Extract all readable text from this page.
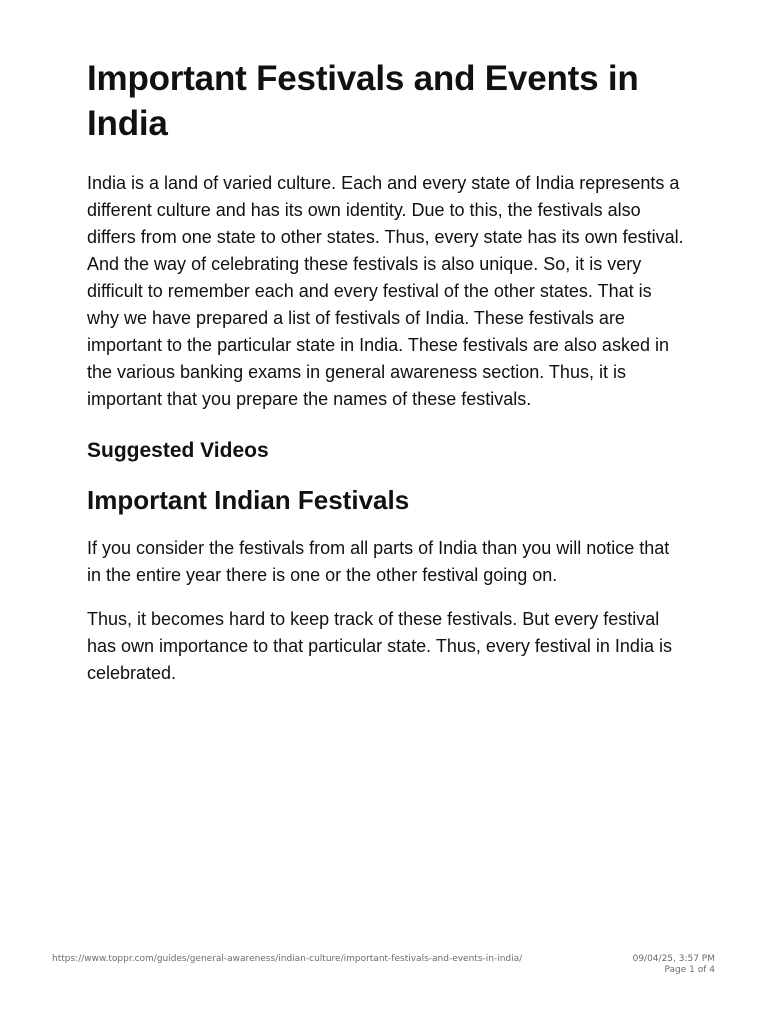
Important Festivals and Events in India

India is a land of varied culture. Each and every state of India represents a different culture and has its own identity. Due to this, the festivals also differs from one state to other states. Thus, every state has its own festival. And the way of celebrating these festivals is also unique. So, it is very difficult to remember each and every festival of the other states. That is why we have prepared a list of festivals of India. These festivals are important to the particular state in India. These festivals are also asked in the various banking exams in general awareness section. Thus, it is important that you prepare the names of these festivals.

Suggested Videos
Important Indian Festivals

If you consider the festivals from all parts of India than you will notice that in the entire year there is one or the other festival going on.

Thus, it becomes hard to keep track of these festivals. But every festival has own importance to that particular state. Thus, every festival in India is celebrated.

https://www.toppr.com/guides/general-awareness/indian-culture/important-festivals-and-events-in-india/	09/04/25, 3:57 PM
Page 1 of 4
